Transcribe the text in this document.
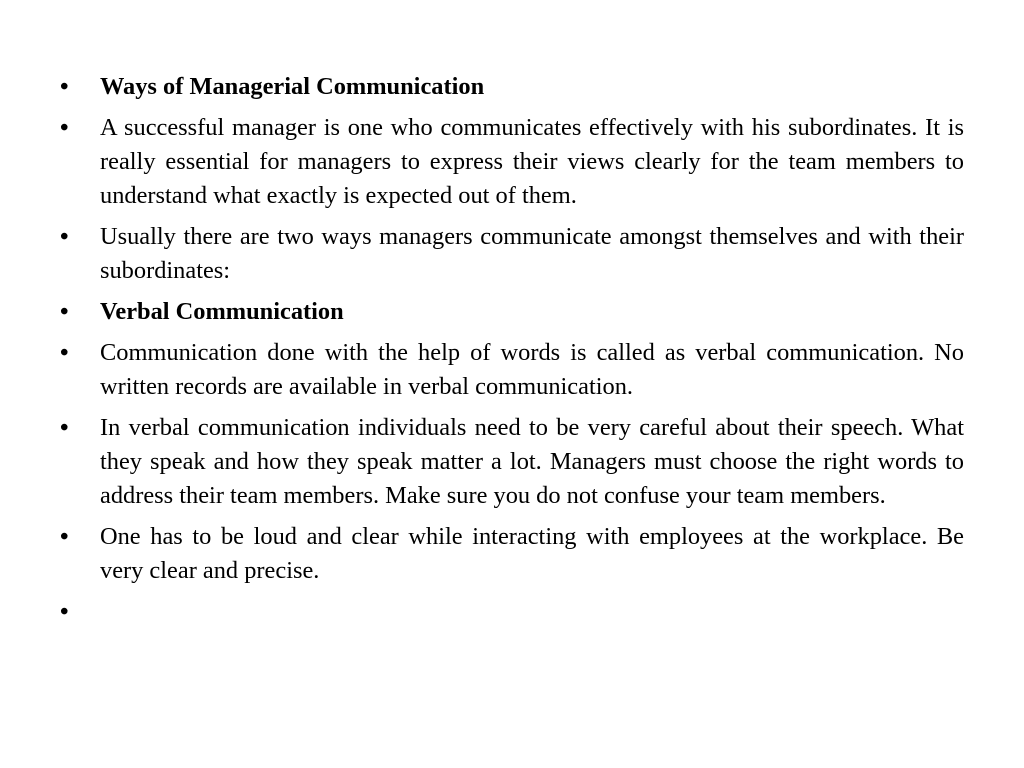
•	Ways of Managerial Communication
•	A successful manager is one who communicates effectively with his subordinates. It is really essential for managers to express their views clearly for the team members to understand what exactly is expected out of them.
•	Usually there are two ways managers communicate amongst themselves and with their subordinates:
•	Verbal Communication
•	Communication done with the help of words is called as verbal communication. No written records are available in verbal communication.
•	In verbal communication individuals need to be very careful about their speech. What they speak and how they speak matter a lot. Managers must choose the right words to address their team members. Make sure you do not confuse your team members.
•	One has to be loud and clear while interacting with employees at the workplace. Be very clear and precise.
•
